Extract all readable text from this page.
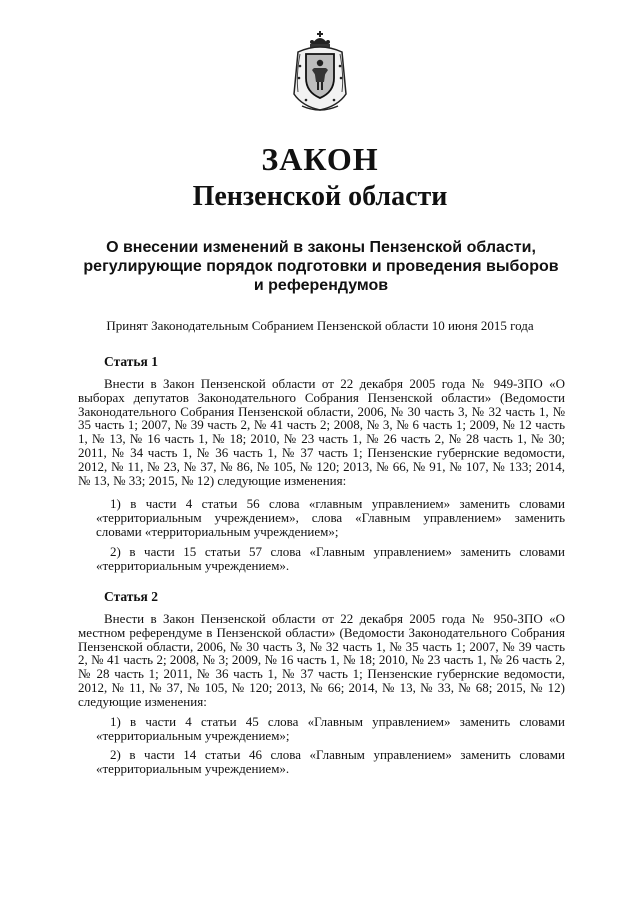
ЗАКОН
Пензенской области

О внесении изменений в законы Пензенской области, регулирующие порядок подготовки и проведения выборов и референдумов

Принят Законодательным Собранием Пензенской области 10 июня 2015 года

Статья 1

Внести в Закон Пензенской области от 22 декабря 2005 года № 949-ЗПО «О выборах депутатов Законодательного Собрания Пензенской области» (Ведомости Законодательного Собрания Пензенской области, 2006, № 30 часть 3, № 32 часть 1, № 35 часть 1; 2007, № 39 часть 2, № 41 часть 2; 2008, № 3, № 6 часть 1; 2009, № 12 часть 1, № 13, № 16 часть 1, № 18; 2010, № 23 часть 1, № 26 часть 2, № 28 часть 1, № 30; 2011, № 34 часть 1, № 36 часть 1, № 37 часть 1; Пензенские губернские ведомости, 2012, № 11, № 23, № 37, № 86, № 105, № 120; 2013, № 66, № 91, № 107, № 133; 2014, № 13, № 33; 2015, № 12) следующие изменения:

1) в части 4 статьи 56 слова «главным управлением» заменить словами «территориальным учреждением», слова «Главным управлением» заменить словами «территориальным учреждением»;

2) в части 15 статьи 57 слова «Главным управлением» заменить словами «территориальным учреждением».

Статья 2

Внести в Закон Пензенской области от 22 декабря 2005 года № 950-ЗПО «О местном референдуме в Пензенской области» (Ведомости Законодательного Собрания Пензенской области, 2006, № 30 часть 3, № 32 часть 1, № 35 часть 1; 2007, № 39 часть 2, № 41 часть 2; 2008, № 3; 2009, № 16 часть 1, № 18; 2010, № 23 часть 1, № 26 часть 2, № 28 часть 1; 2011, № 36 часть 1, № 37 часть 1; Пензенские губернские ведомости, 2012, № 11, № 37, № 105, № 120; 2013, № 66; 2014, № 13, № 33, № 68; 2015, № 12) следующие изменения:

1) в части 4 статьи 45 слова «Главным управлением» заменить словами «территориальным учреждением»;

2) в части 14 статьи 46 слова «Главным управлением» заменить словами «территориальным учреждением».
